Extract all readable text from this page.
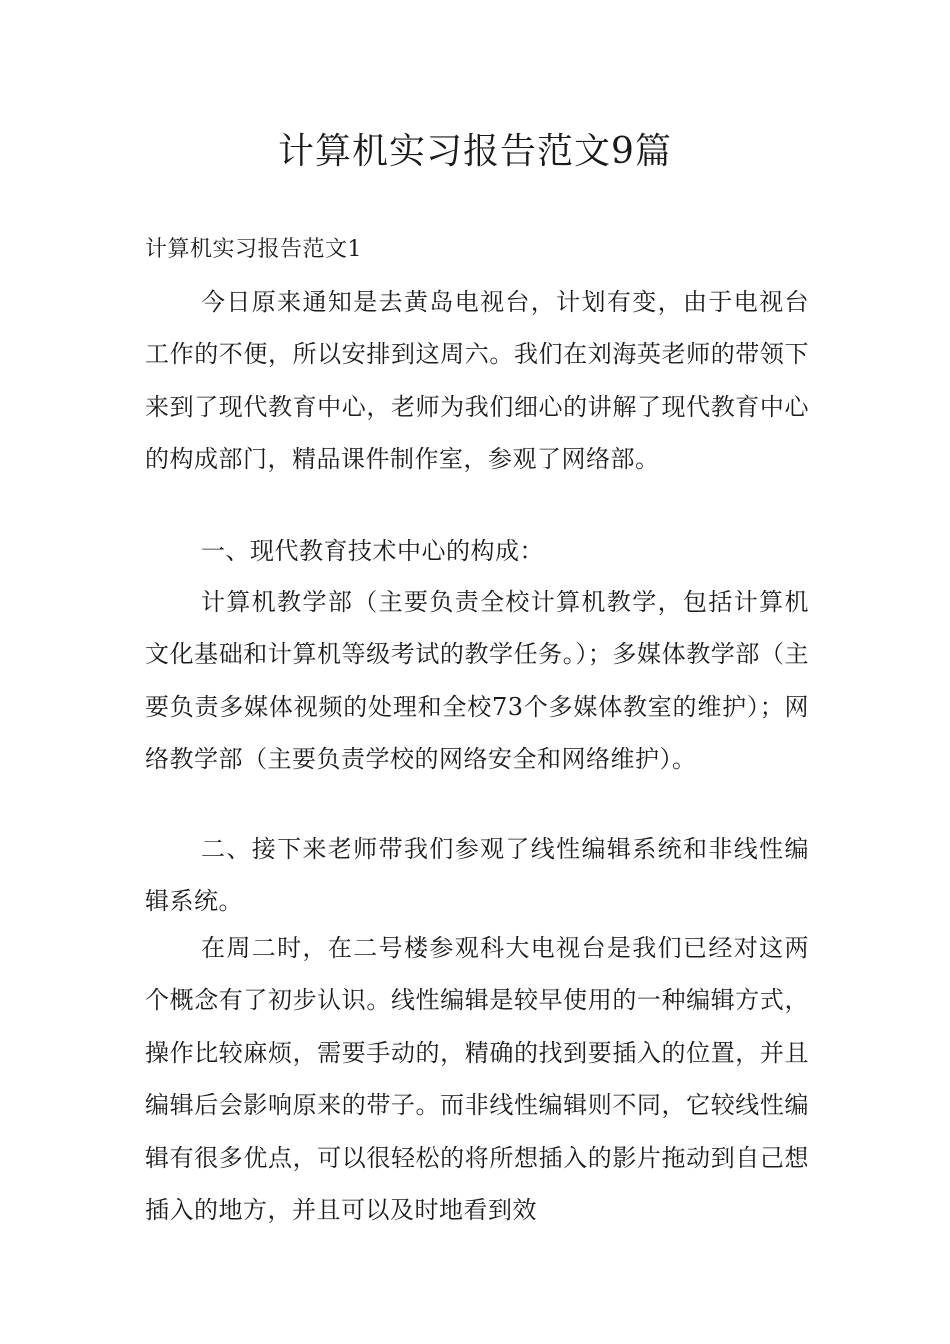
计算机实习报告范文9篇

计算机实习报告范文1

今日原来通知是去黄岛电视台，计划有变，由于电视台工作的不便，所以安排到这周六。我们在刘海英老师的带领下来到了现代教育中心，老师为我们细心的讲解了现代教育中心的构成部门，精品课件制作室，参观了网络部。

一、现代教育技术中心的构成：

计算机教学部（主要负责全校计算机教学，包括计算机文化基础和计算机等级考试的教学任务。）；多媒体教学部（主要负责多媒体视频的处理和全校73个多媒体教室的维护）；网络教学部（主要负责学校的网络安全和网络维护）。

二、接下来老师带我们参观了线性编辑系统和非线性编辑系统。

在周二时，在二号楼参观科大电视台是我们已经对这两个概念有了初步认识。线性编辑是较早使用的一种编辑方式，操作比较麻烦，需要手动的，精确的找到要插入的位置，并且编辑后会影响原来的带子。而非线性编辑则不同，它较线性编辑有很多优点，可以很轻松的将所想插入的影片拖动到自己想插入的地方，并且可以及时地看到效
